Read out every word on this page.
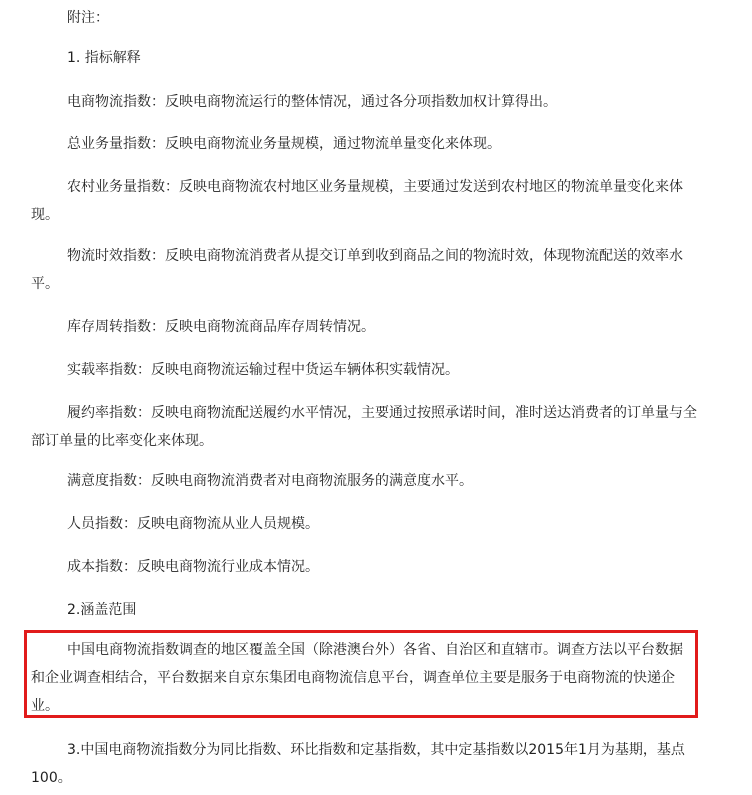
附注：
1. 指标解释
电商物流指数：反映电商物流运行的整体情况，通过各分项指数加权计算得出。
总业务量指数：反映电商物流业务量规模，通过物流单量变化来体现。
农村业务量指数：反映电商物流农村地区业务量规模，主要通过发送到农村地区的物流单量变化来体现。
物流时效指数：反映电商物流消费者从提交订单到收到商品之间的物流时效，体现物流配送的效率水平。
库存周转指数：反映电商物流商品库存周转情况。
实载率指数：反映电商物流运输过程中货运车辆体积实载情况。
履约率指数：反映电商物流配送履约水平情况，主要通过按照承诺时间，准时送达消费者的订单量与全部订单量的比率变化来体现。
满意度指数：反映电商物流消费者对电商物流服务的满意度水平。
人员指数：反映电商物流从业人员规模。
成本指数：反映电商物流行业成本情况。
2.涵盖范围
中国电商物流指数调查的地区覆盖全国（除港澳台外）各省、自治区和直辖市。调查方法以平台数据和企业调查相结合，平台数据来自京东集团电商物流信息平台，调查单位主要是服务于电商物流的快递企业。
3.中国电商物流指数分为同比指数、环比指数和定基指数，其中定基指数以2015年1月为基期，基点100。
